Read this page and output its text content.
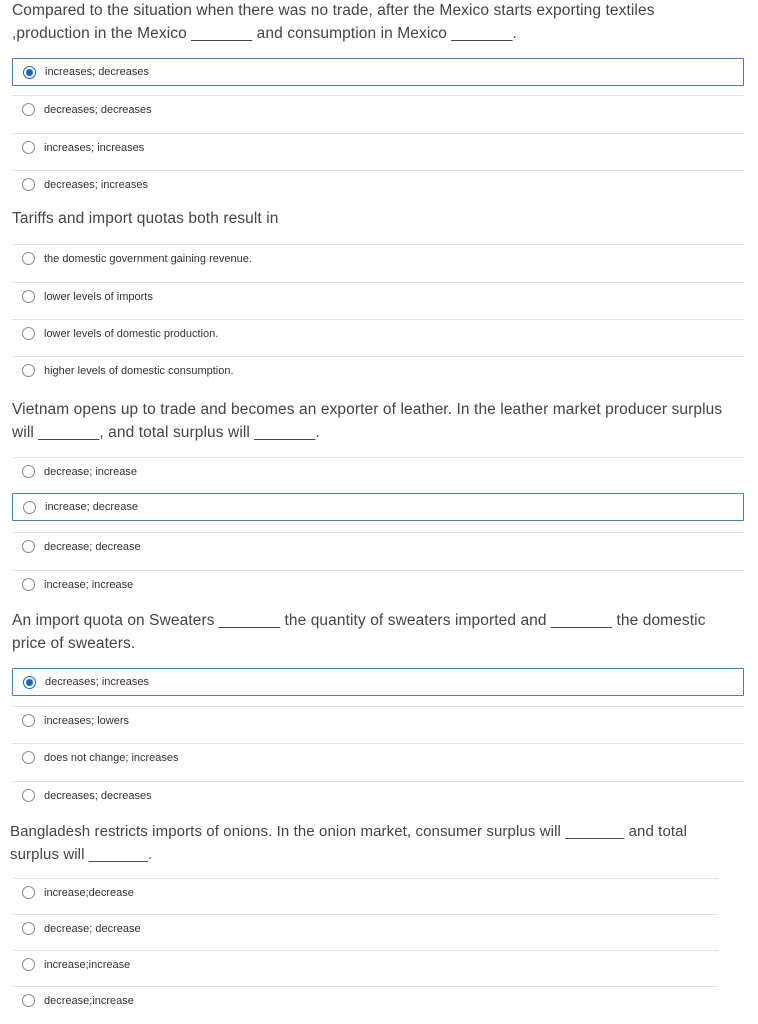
Compared to the situation when there was no trade, after the Mexico starts exporting textiles ,production in the Mexico _______ and consumption in Mexico _______.
increases; decreases
decreases; decreases
increases; increases
decreases; increases
Tariffs and import quotas both result in
the domestic government gaining revenue.
lower levels of imports
lower levels of domestic production.
higher levels of domestic consumption.
Vietnam opens up to trade and becomes an exporter of leather. In the leather market producer surplus will _______, and total surplus will _______.
decrease; increase
increase; decrease
decrease; decrease
increase; increase
An import quota on Sweaters _______ the quantity of sweaters imported and _______ the domestic price of sweaters.
decreases; increases
increases; lowers
does not change; increases
decreases; decreases
Bangladesh restricts imports of onions. In the onion market, consumer surplus will _______ and total surplus will _______.
increase;decrease
decrease; decrease
increase;increase
decrease;increase
